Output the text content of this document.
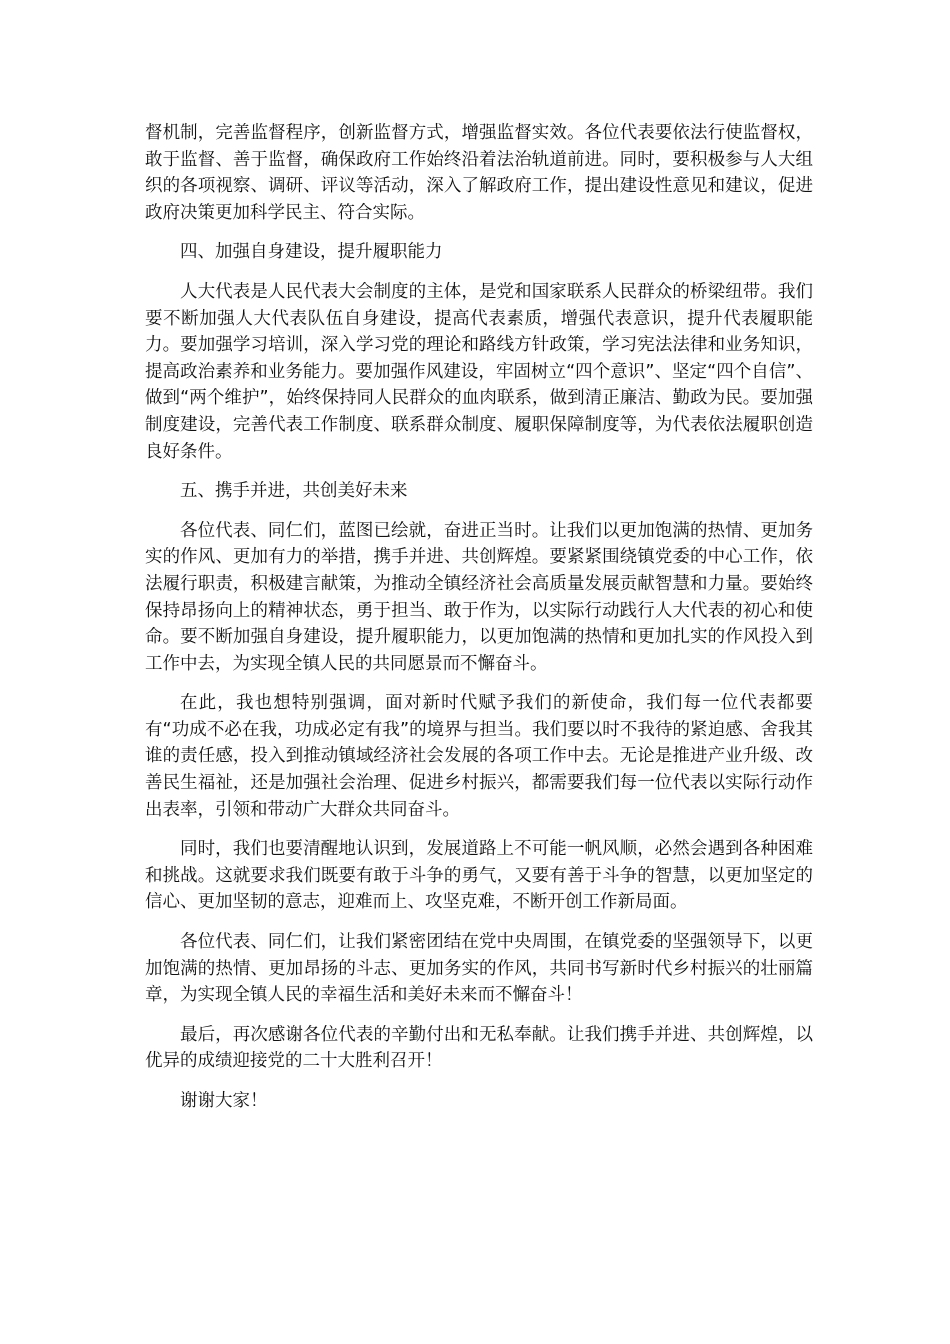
督机制，完善监督程序，创新监督方式，增强监督实效。各位代表要依法行使监督权，敢于监督、善于监督，确保政府工作始终沿着法治轨道前进。同时，要积极参与人大组织的各项视察、调研、评议等活动，深入了解政府工作，提出建设性意见和建议，促进政府决策更加科学民主、符合实际。

四、加强自身建设，提升履职能力

人大代表是人民代表大会制度的主体，是党和国家联系人民群众的桥梁纽带。我们要不断加强人大代表队伍自身建设，提高代表素质，增强代表意识，提升代表履职能力。要加强学习培训，深入学习党的理论和路线方针政策，学习宪法法律和业务知识，提高政治素养和业务能力。要加强作风建设，牢固树立“四个意识”、坚定“四个自信”、做到“两个维护”，始终保持同人民群众的血肉联系，做到清正廉洁、勤政为民。要加强制度建设，完善代表工作制度、联系群众制度、履职保障制度等，为代表依法履职创造良好条件。

五、携手并进，共创美好未来

各位代表、同仁们，蓝图已绘就，奋进正当时。让我们以更加饱满的热情、更加务实的作风、更加有力的举措，携手并进、共创辉煌。要紧紧围绕镇党委的中心工作，依法履行职责，积极建言献策，为推动全镇经济社会高质量发展贡献智慧和力量。要始终保持昂扬向上的精神状态，勇于担当、敢于作为，以实际行动践行人大代表的初心和使命。要不断加强自身建设，提升履职能力，以更加饱满的热情和更加扎实的作风投入到工作中去，为实现全镇人民的共同愿景而不懈奋斗。

在此，我也想特别强调，面对新时代赋予我们的新使命，我们每一位代表都要有“功成不必在我，功成必定有我”的境界与担当。我们要以时不我待的紧迫感、舍我其谁的责任感，投入到推动镇域经济社会发展的各项工作中去。无论是推进产业升级、改善民生福祉，还是加强社会治理、促进乡村振兴，都需要我们每一位代表以实际行动作出表率，引领和带动广大群众共同奋斗。

同时，我们也要清醒地认识到，发展道路上不可能一帆风顺，必然会遇到各种困难和挑战。这就要求我们既要有敢于斗争的勇气，又要有善于斗争的智慧，以更加坚定的信心、更加坚韧的意志，迎难而上、攻坚克难，不断开创工作新局面。

各位代表、同仁们，让我们紧密团结在党中央周围，在镇党委的坚强领导下，以更加饱满的热情、更加昂扬的斗志、更加务实的作风，共同书写新时代乡村振兴的壮丽篇章，为实现全镇人民的幸福生活和美好未来而不懈奋斗！

最后，再次感谢各位代表的辛勤付出和无私奉献。让我们携手并进、共创辉煌，以优异的成绩迎接党的二十大胜利召开！

谢谢大家！
